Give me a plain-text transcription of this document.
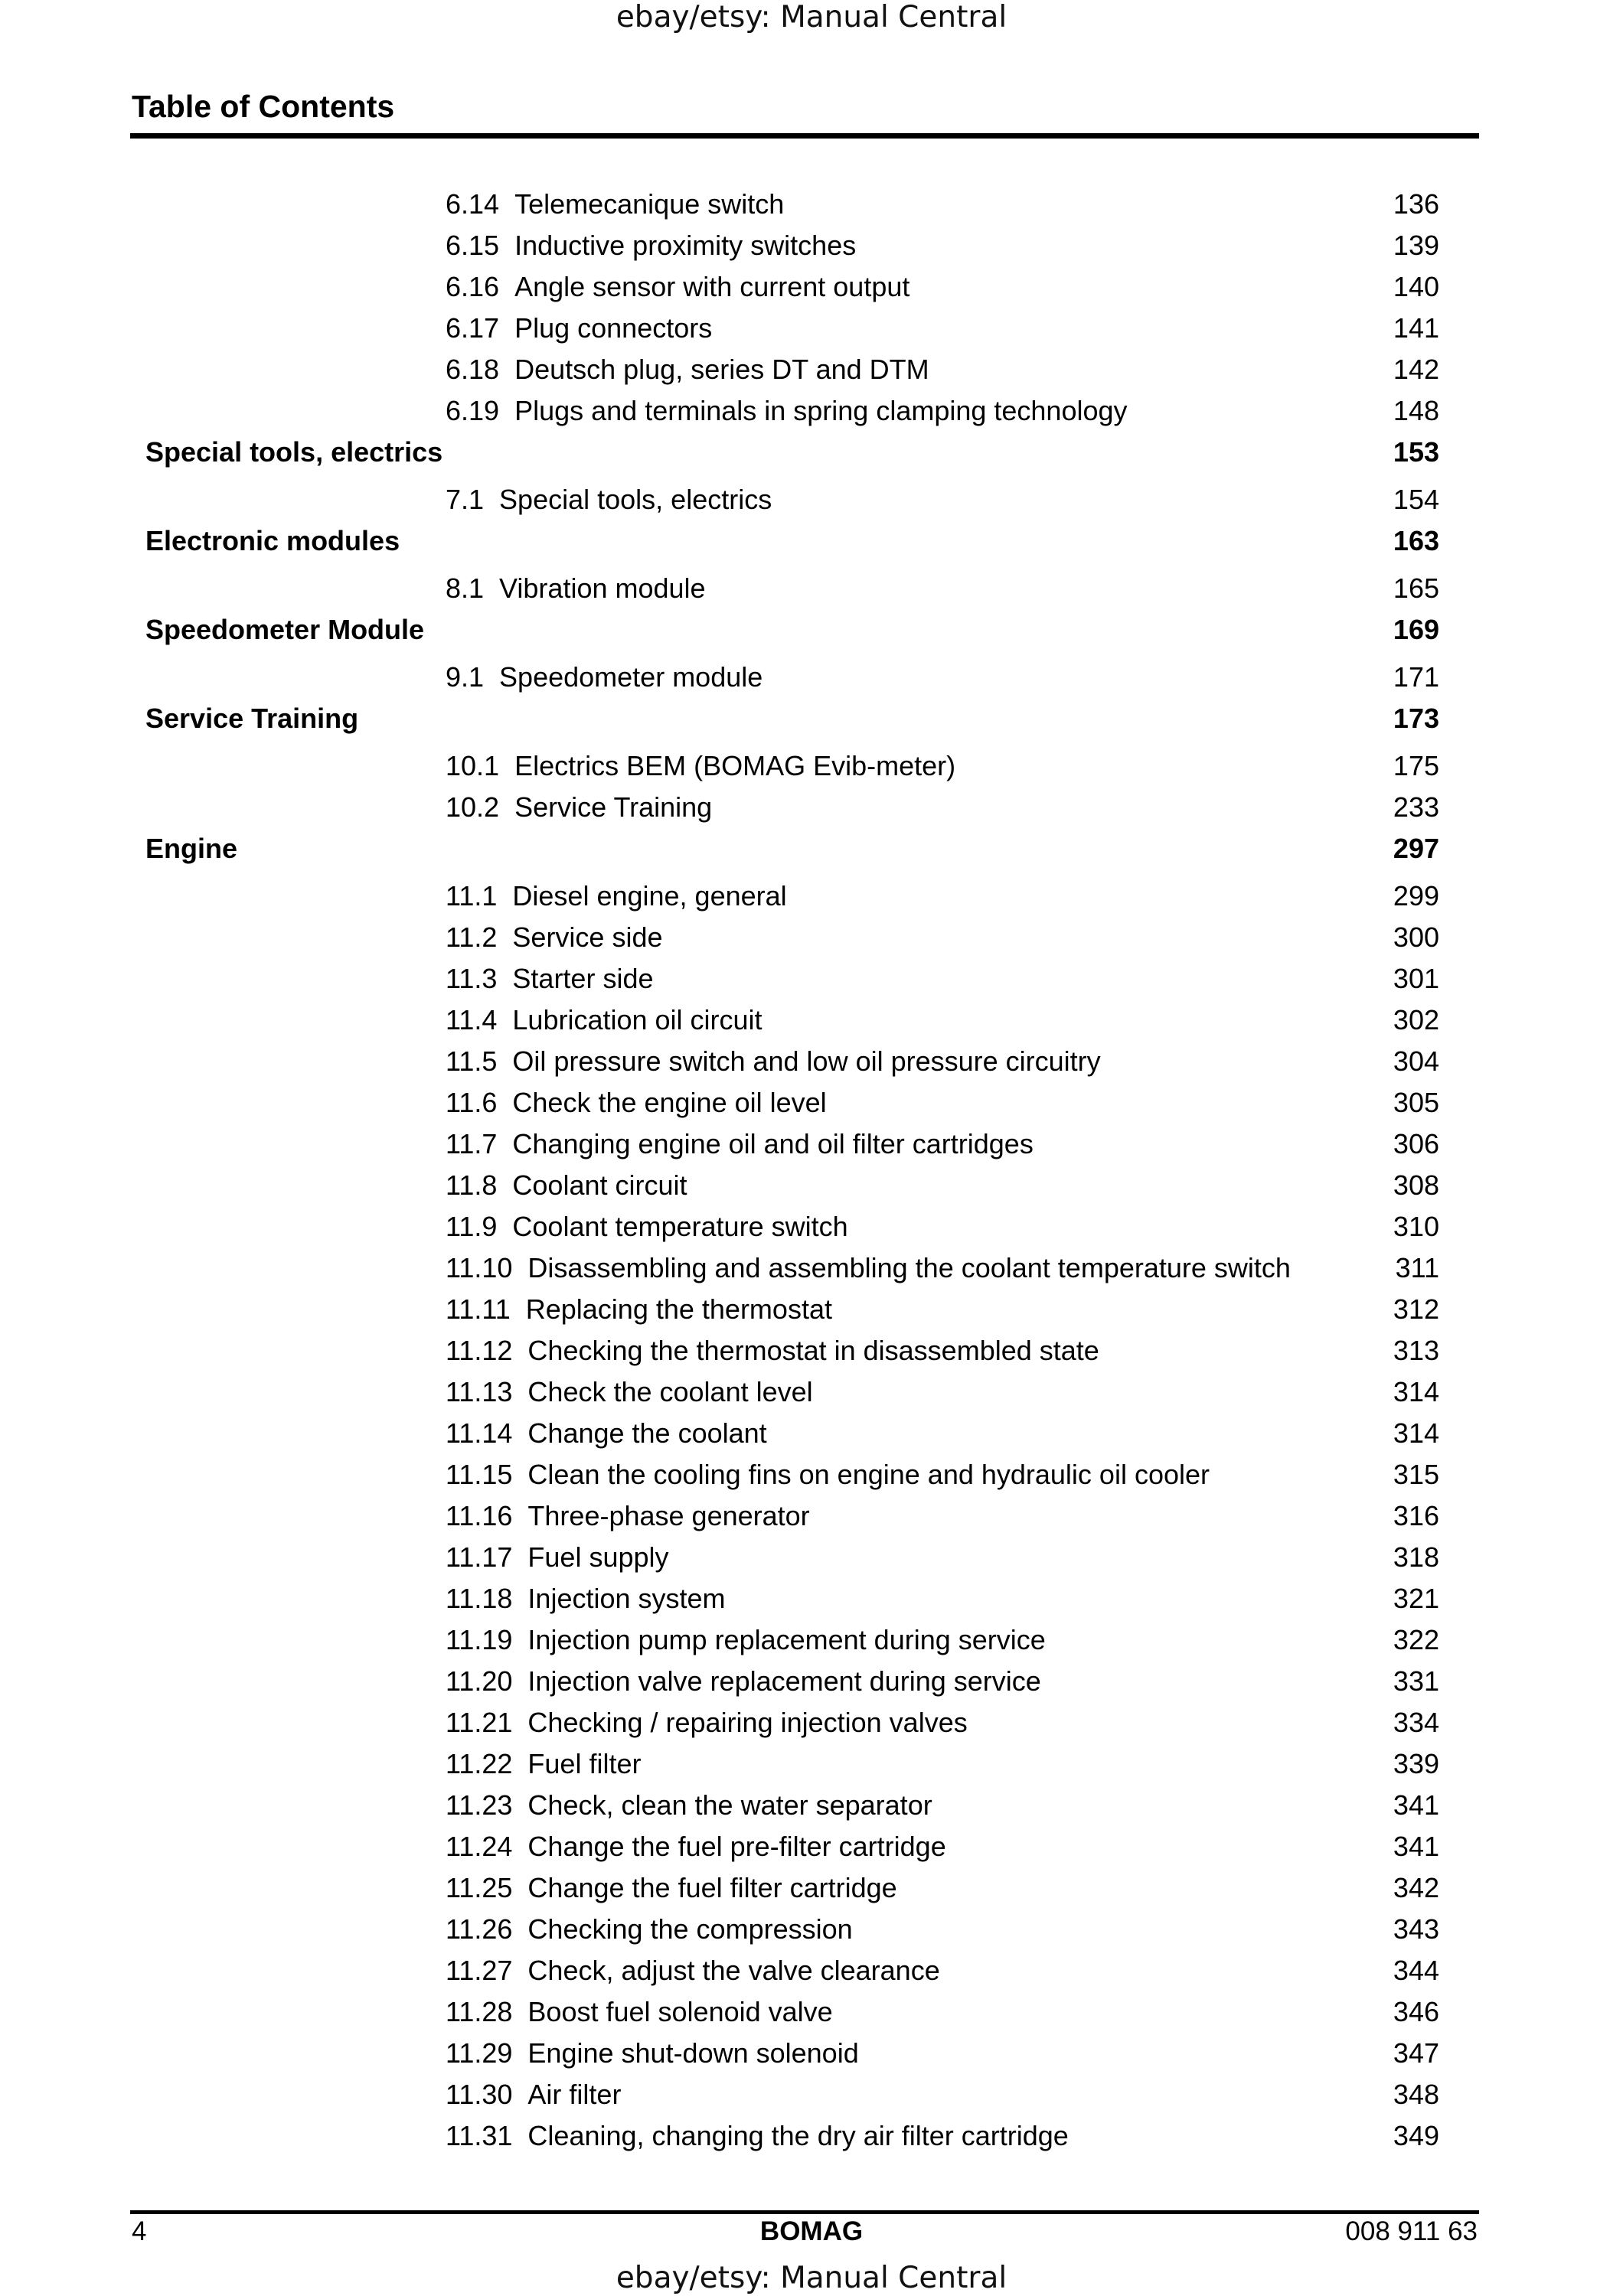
ebay/etsy: Manual Central
Table of Contents
6.14 Telemecanique switch	136
6.15 Inductive proximity switches	139
6.16 Angle sensor with current output	140
6.17 Plug connectors	141
6.18 Deutsch plug, series DT and DTM	142
6.19 Plugs and terminals in spring clamping technology	148
Special tools, electrics	153
7.1 Special tools, electrics	154
Electronic modules	163
8.1 Vibration module	165
Speedometer Module	169
9.1 Speedometer module	171
Service Training	173
10.1 Electrics BEM (BOMAG Evib-meter)	175
10.2 Service Training	233
Engine	297
11.1 Diesel engine, general	299
11.2 Service side	300
11.3 Starter side	301
11.4 Lubrication oil circuit	302
11.5 Oil pressure switch and low oil pressure circuitry	304
11.6 Check the engine oil level	305
11.7 Changing engine oil and oil filter cartridges	306
11.8 Coolant circuit	308
11.9 Coolant temperature switch	310
11.10 Disassembling and assembling the coolant temperature switch	311
11.11 Replacing the thermostat	312
11.12 Checking the thermostat in disassembled state	313
11.13 Check the coolant level	314
11.14 Change the coolant	314
11.15 Clean the cooling fins on engine and hydraulic oil cooler	315
11.16 Three-phase generator	316
11.17 Fuel supply	318
11.18 Injection system	321
11.19 Injection pump replacement during service	322
11.20 Injection valve replacement during service	331
11.21 Checking / repairing injection valves	334
11.22 Fuel filter	339
11.23 Check, clean the water separator	341
11.24 Change the fuel pre-filter cartridge	341
11.25 Change the fuel filter cartridge	342
11.26 Checking the compression	343
11.27 Check, adjust the valve clearance	344
11.28 Boost fuel solenoid valve	346
11.29 Engine shut-down solenoid	347
11.30 Air filter	348
11.31 Cleaning, changing the dry air filter cartridge	349
4	BOMAG	008 911 63
ebay/etsy: Manual Central
